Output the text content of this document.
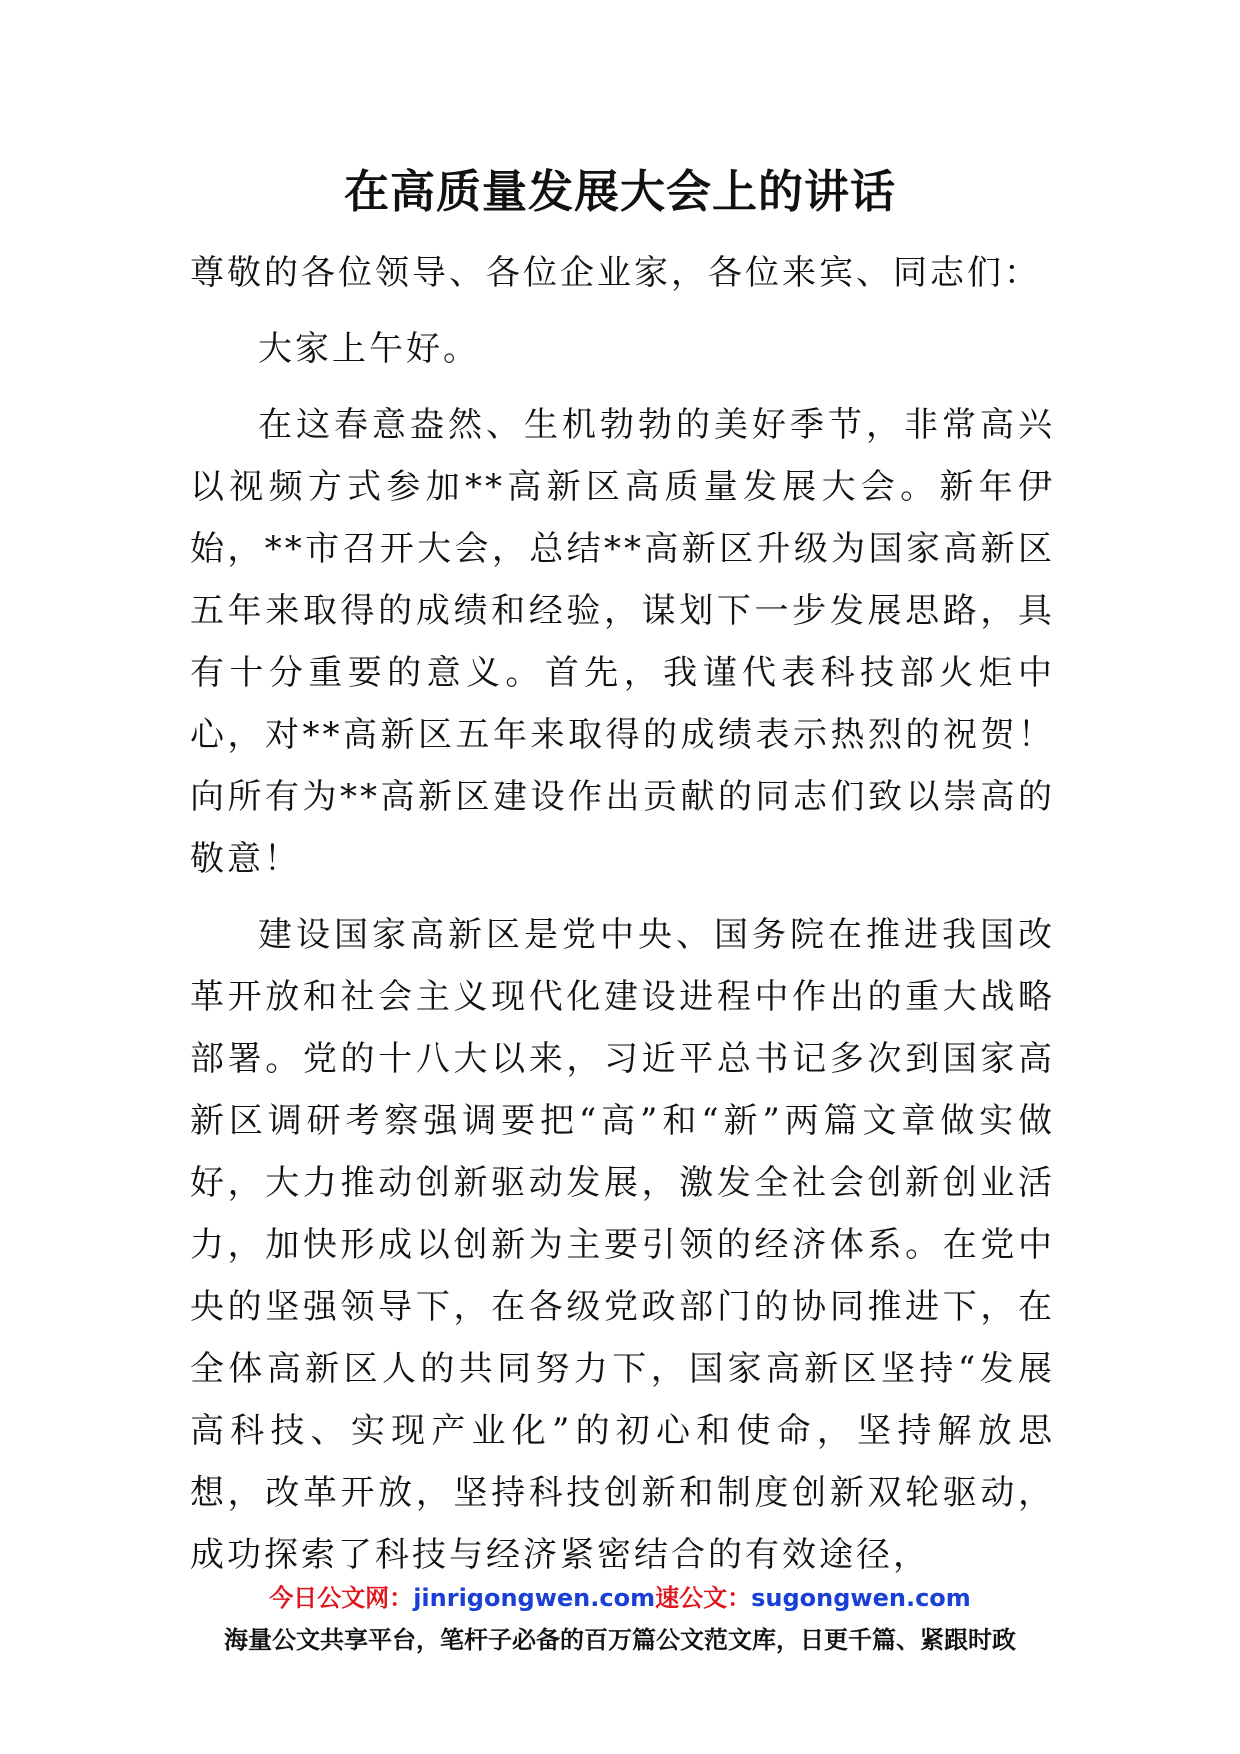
在高质量发展大会上的讲话

尊敬的各位领导、各位企业家，各位来宾、同志们：

大家上午好。

在这春意盎然、生机勃勃的美好季节，非常高兴以视频方式参加**高新区高质量发展大会。新年伊始，**市召开大会，总结**高新区升级为国家高新区五年来取得的成绩和经验，谋划下一步发展思路，具有十分重要的意义。首先，我谨代表科技部火炬中心，对**高新区五年来取得的成绩表示热烈的祝贺！向所有为**高新区建设作出贡献的同志们致以崇高的敬意！

建设国家高新区是党中央、国务院在推进我国改革开放和社会主义现代化建设进程中作出的重大战略部署。党的十八大以来，习近平总书记多次到国家高新区调研考察强调要把“高”和“新”两篇文章做实做好，大力推动创新驱动发展，激发全社会创新创业活力，加快形成以创新为主要引领的经济体系。在党中央的坚强领导下，在各级党政部门的协同推进下，在全体高新区人的共同努力下，国家高新区坚持“发展高科技、实现产业化”的初心和使命，坚持解放思想，改革开放，坚持科技创新和制度创新双轮驱动，成功探索了科技与经济紧密结合的有效途径，

今日公文网：jinrigongwen.com速公文：sugongwen.com
海量公文共享平台，笔杆子必备的百万篇公文范文库，日更千篇、紧跟时政
